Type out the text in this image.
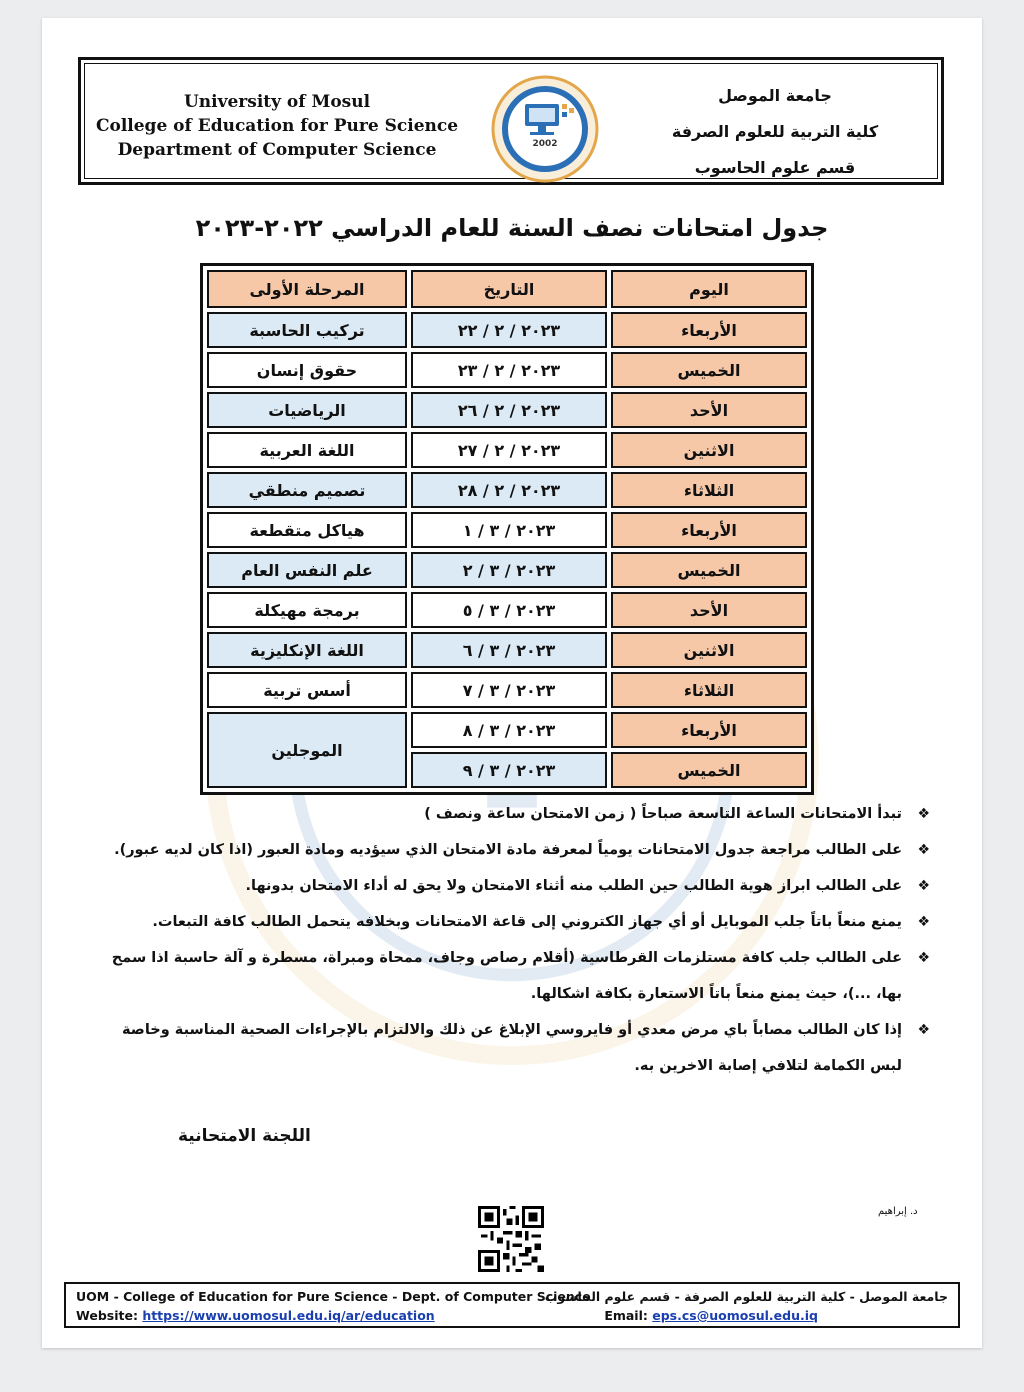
University of Mosul
College of Education for Pure Science
Department of Computer Science	2002
جامعة الموصل
كلية التربية للعلوم الصرفة
قسم علوم الحاسوب
جدول امتحانات نصف السنة للعام الدراسي ٢٠٢٢-٢٠٢٣
اليوم	التاريخ	المرحلة الأولى
الأربعاء	٢٠٢٣ / ٢ / ٢٢	تركيب الحاسبة
الخميس	٢٠٢٣ / ٢ / ٢٣	حقوق إنسان
الأحد	٢٠٢٣ / ٢ / ٢٦	الرياضيات
الاثنين	٢٠٢٣ / ٢ / ٢٧	اللغة العربية
الثلاثاء	٢٠٢٣ / ٢ / ٢٨	تصميم منطقي
الأربعاء	٢٠٢٣ / ٣ / ١	هياكل متقطعة
الخميس	٢٠٢٣ / ٣ / ٢	علم النفس العام
الأحد	٢٠٢٣ / ٣ / ٥	برمجة مهيكلة
الاثنين	٢٠٢٣ / ٣ / ٦	اللغة الإنكليزية
الثلاثاء	٢٠٢٣ / ٣ / ٧	أسس تربية
الأربعاء	٢٠٢٣ / ٣ / ٨	الموجلين
الخميس	٢٠٢٣ / ٣ / ٩	
❖
تبدأ الامتحانات الساعة التاسعة صباحاً ( زمن الامتحان ساعة ونصف )
❖
على الطالب مراجعة جدول الامتحانات يومياً لمعرفة مادة الامتحان الذي سيؤديه ومادة العبور (اذا كان لديه عبور).
❖
على الطالب ابراز هوية الطالب حين الطلب منه أثناء الامتحان ولا يحق له أداء الامتحان بدونها.
❖
يمنع منعاً باتاً جلب الموبايل أو أي جهاز الكتروني إلى قاعة الامتحانات وبخلافه يتحمل الطالب كافة التبعات.
❖
على الطالب جلب كافة مستلزمات القرطاسية (أقلام رصاص وجاف، ممحاة ومبراة، مسطرة و آلة حاسبة اذا سمح بها، ...)، حيث يمنع منعاً باتاً الاستعارة بكافة اشكالها.
❖
إذا كان الطالب مصاباً باي مرض معدي أو فايروسي الإبلاغ عن ذلك والالتزام بالإجراءات الصحية المناسبة وخاصة لبس الكمامة لتلافي إصابة الاخرين به.
اللجنة الامتحانية
د. إبراهيم
UOM - College of Education for Pure Science - Dept. of Computer Science
Website: https://www.uomosul.edu.iq/ar/education
جامعة الموصل - كلية التربية للعلوم الصرفة - قسم علوم الحاسوب
Email: eps.cs@uomosul.edu.iq
